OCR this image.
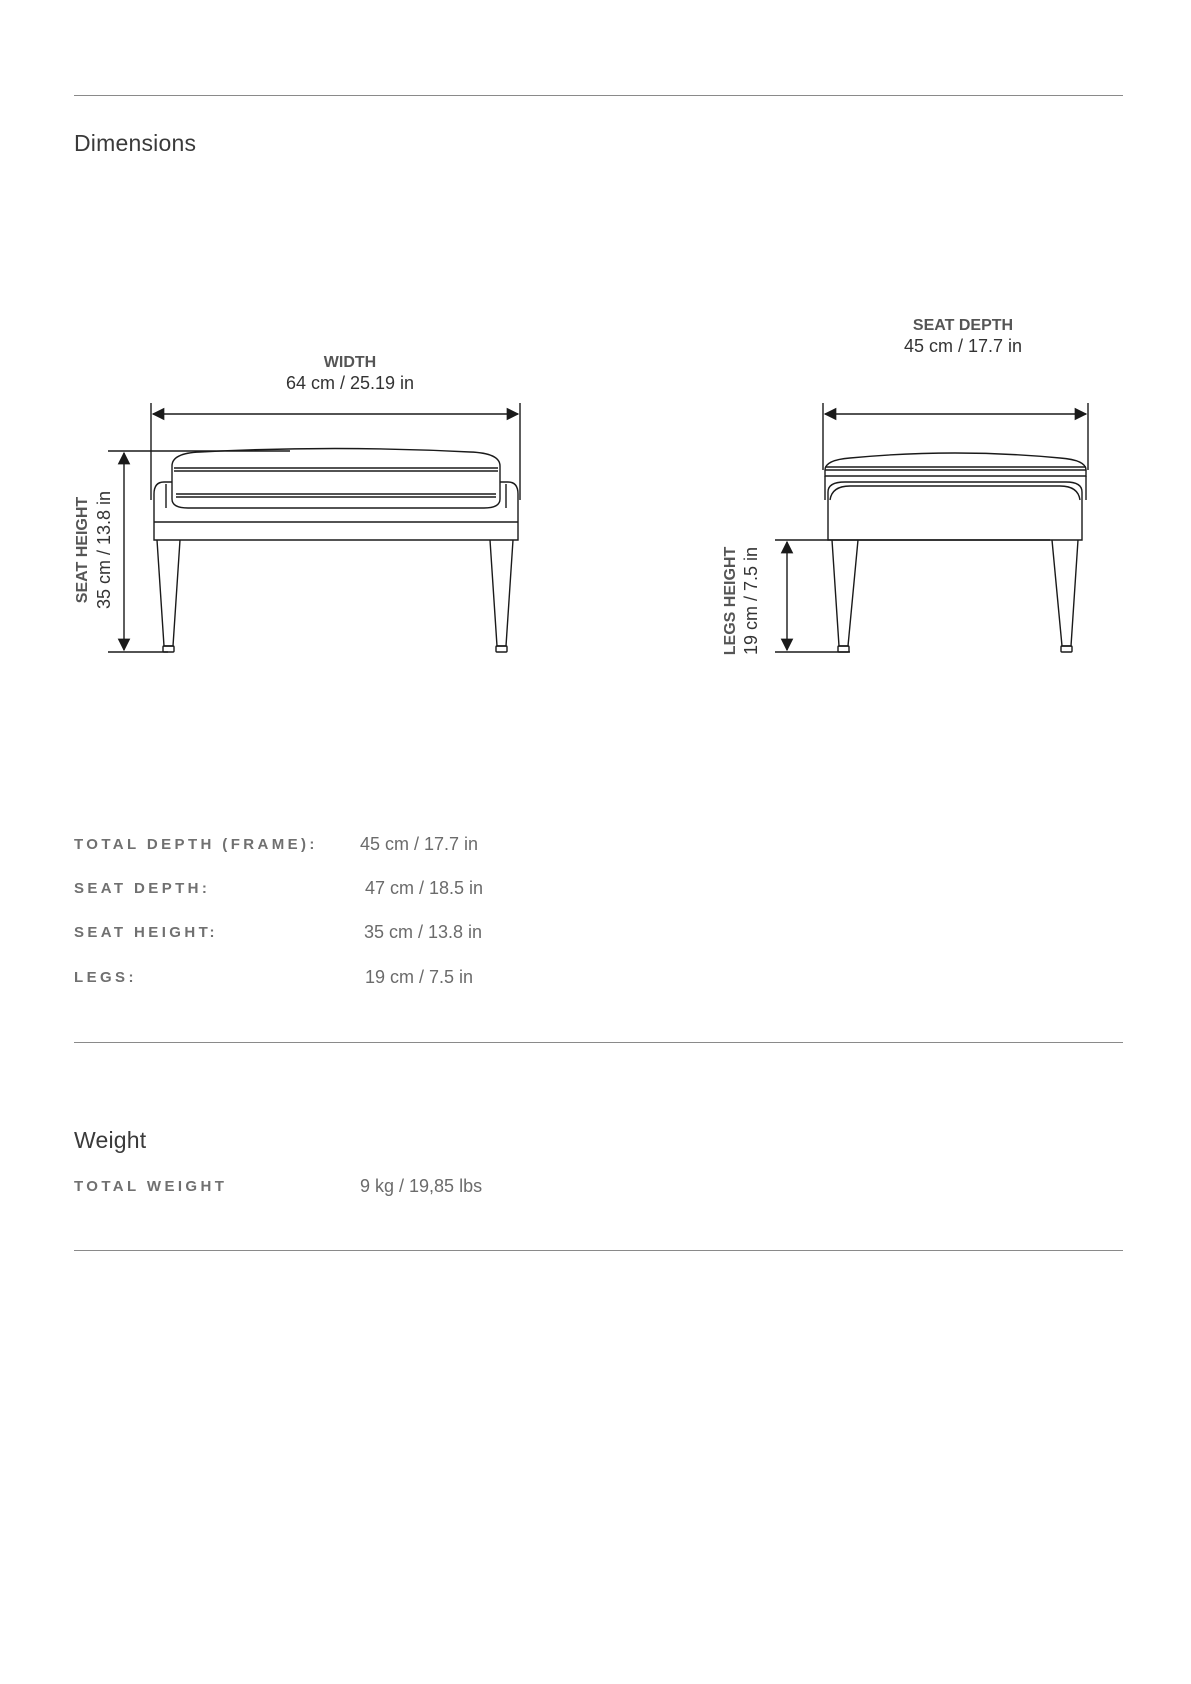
Dimensions
WIDTH
64 cm / 25.19 in
SEAT HEIGHT 35 cm / 13.8 in
SEAT DEPTH
45 cm / 17.7 in
LEGS HEIGHT 19 cm / 7.5 in
TOTAL DEPTH (FRAME): 45 cm / 17.7 in
SEAT DEPTH:	47 cm / 18.5 in
SEAT HEIGHT:	35 cm / 13.8 in
LEGS:	19 cm / 7.5 in
Weight
TOTAL WEIGHT	9 kg / 19,85 lbs
